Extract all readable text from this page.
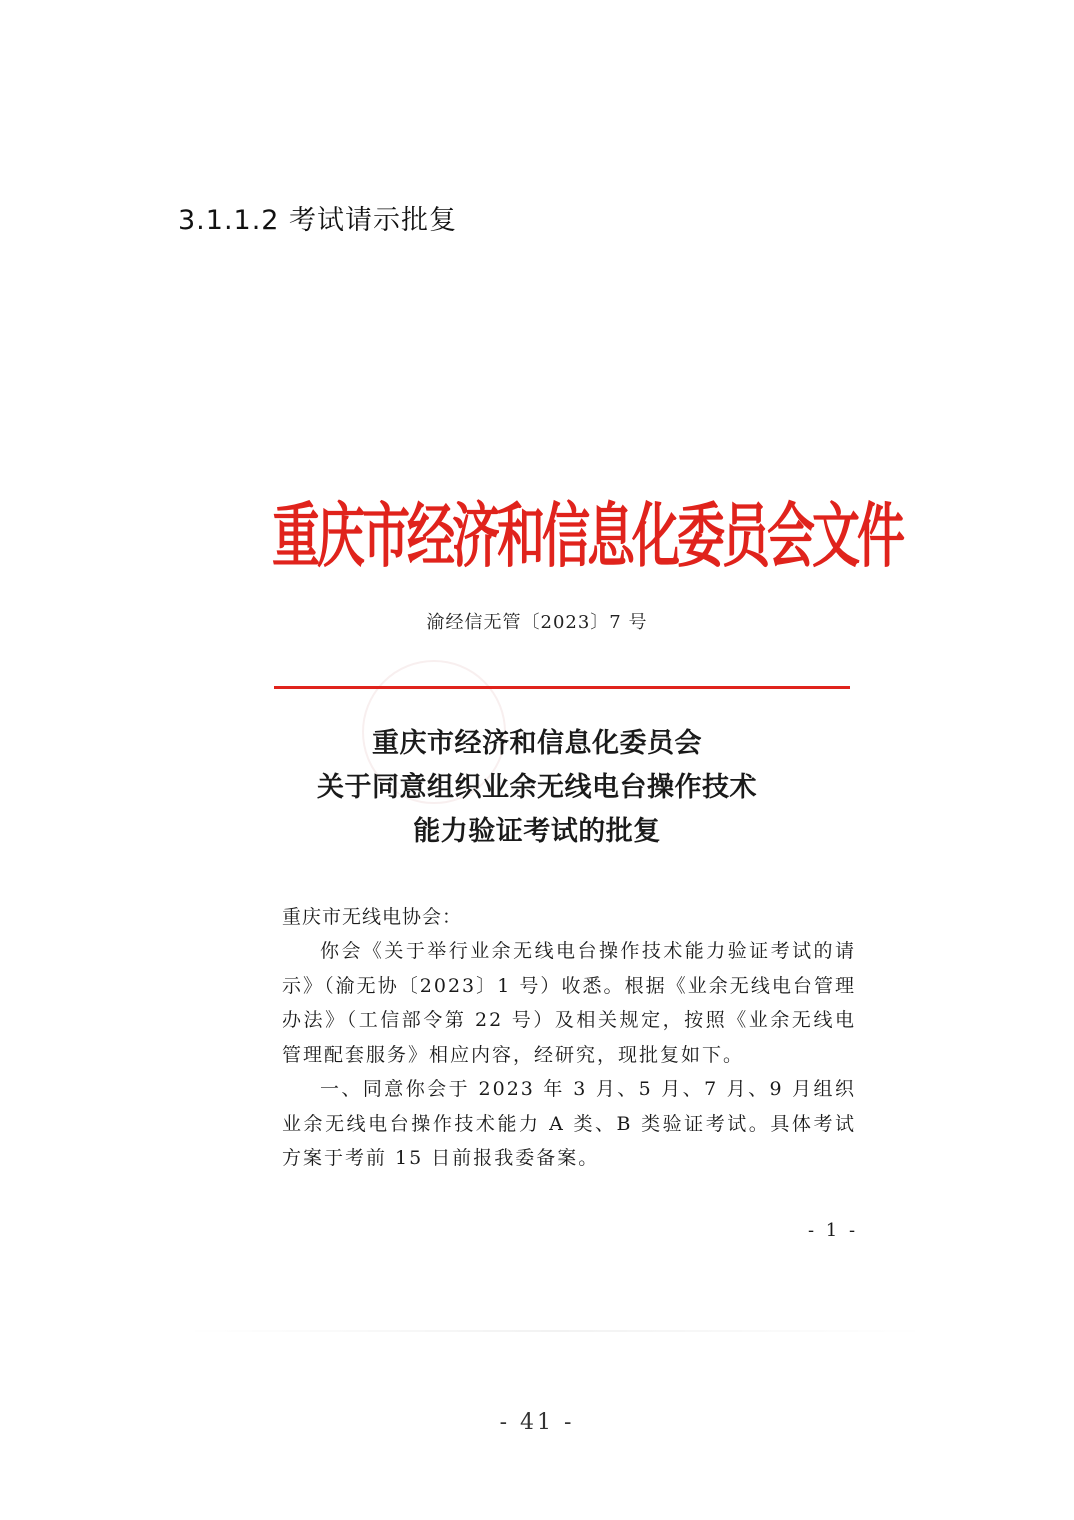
3.1.1.2 考试请示批复
重庆市经济和信息化委员会文件
渝经信无管〔2023〕7 号
重庆市经济和信息化委员会
关于同意组织业余无线电台操作技术
能力验证考试的批复
重庆市无线电协会：

你会《关于举行业余无线电台操作技术能力验证考试的请示》（渝无协〔2023〕1 号）收悉。根据《业余无线电台管理办法》（工信部令第 22 号）及相关规定，按照《业余无线电管理配套服务》相应内容，经研究，现批复如下。

一、同意你会于 2023 年 3 月、5 月、7 月、9 月组织业余无线电台操作技术能力 A 类、B 类验证考试。具体考试方案于考前 15 日前报我委备案。

- 1 -
- 41 -
